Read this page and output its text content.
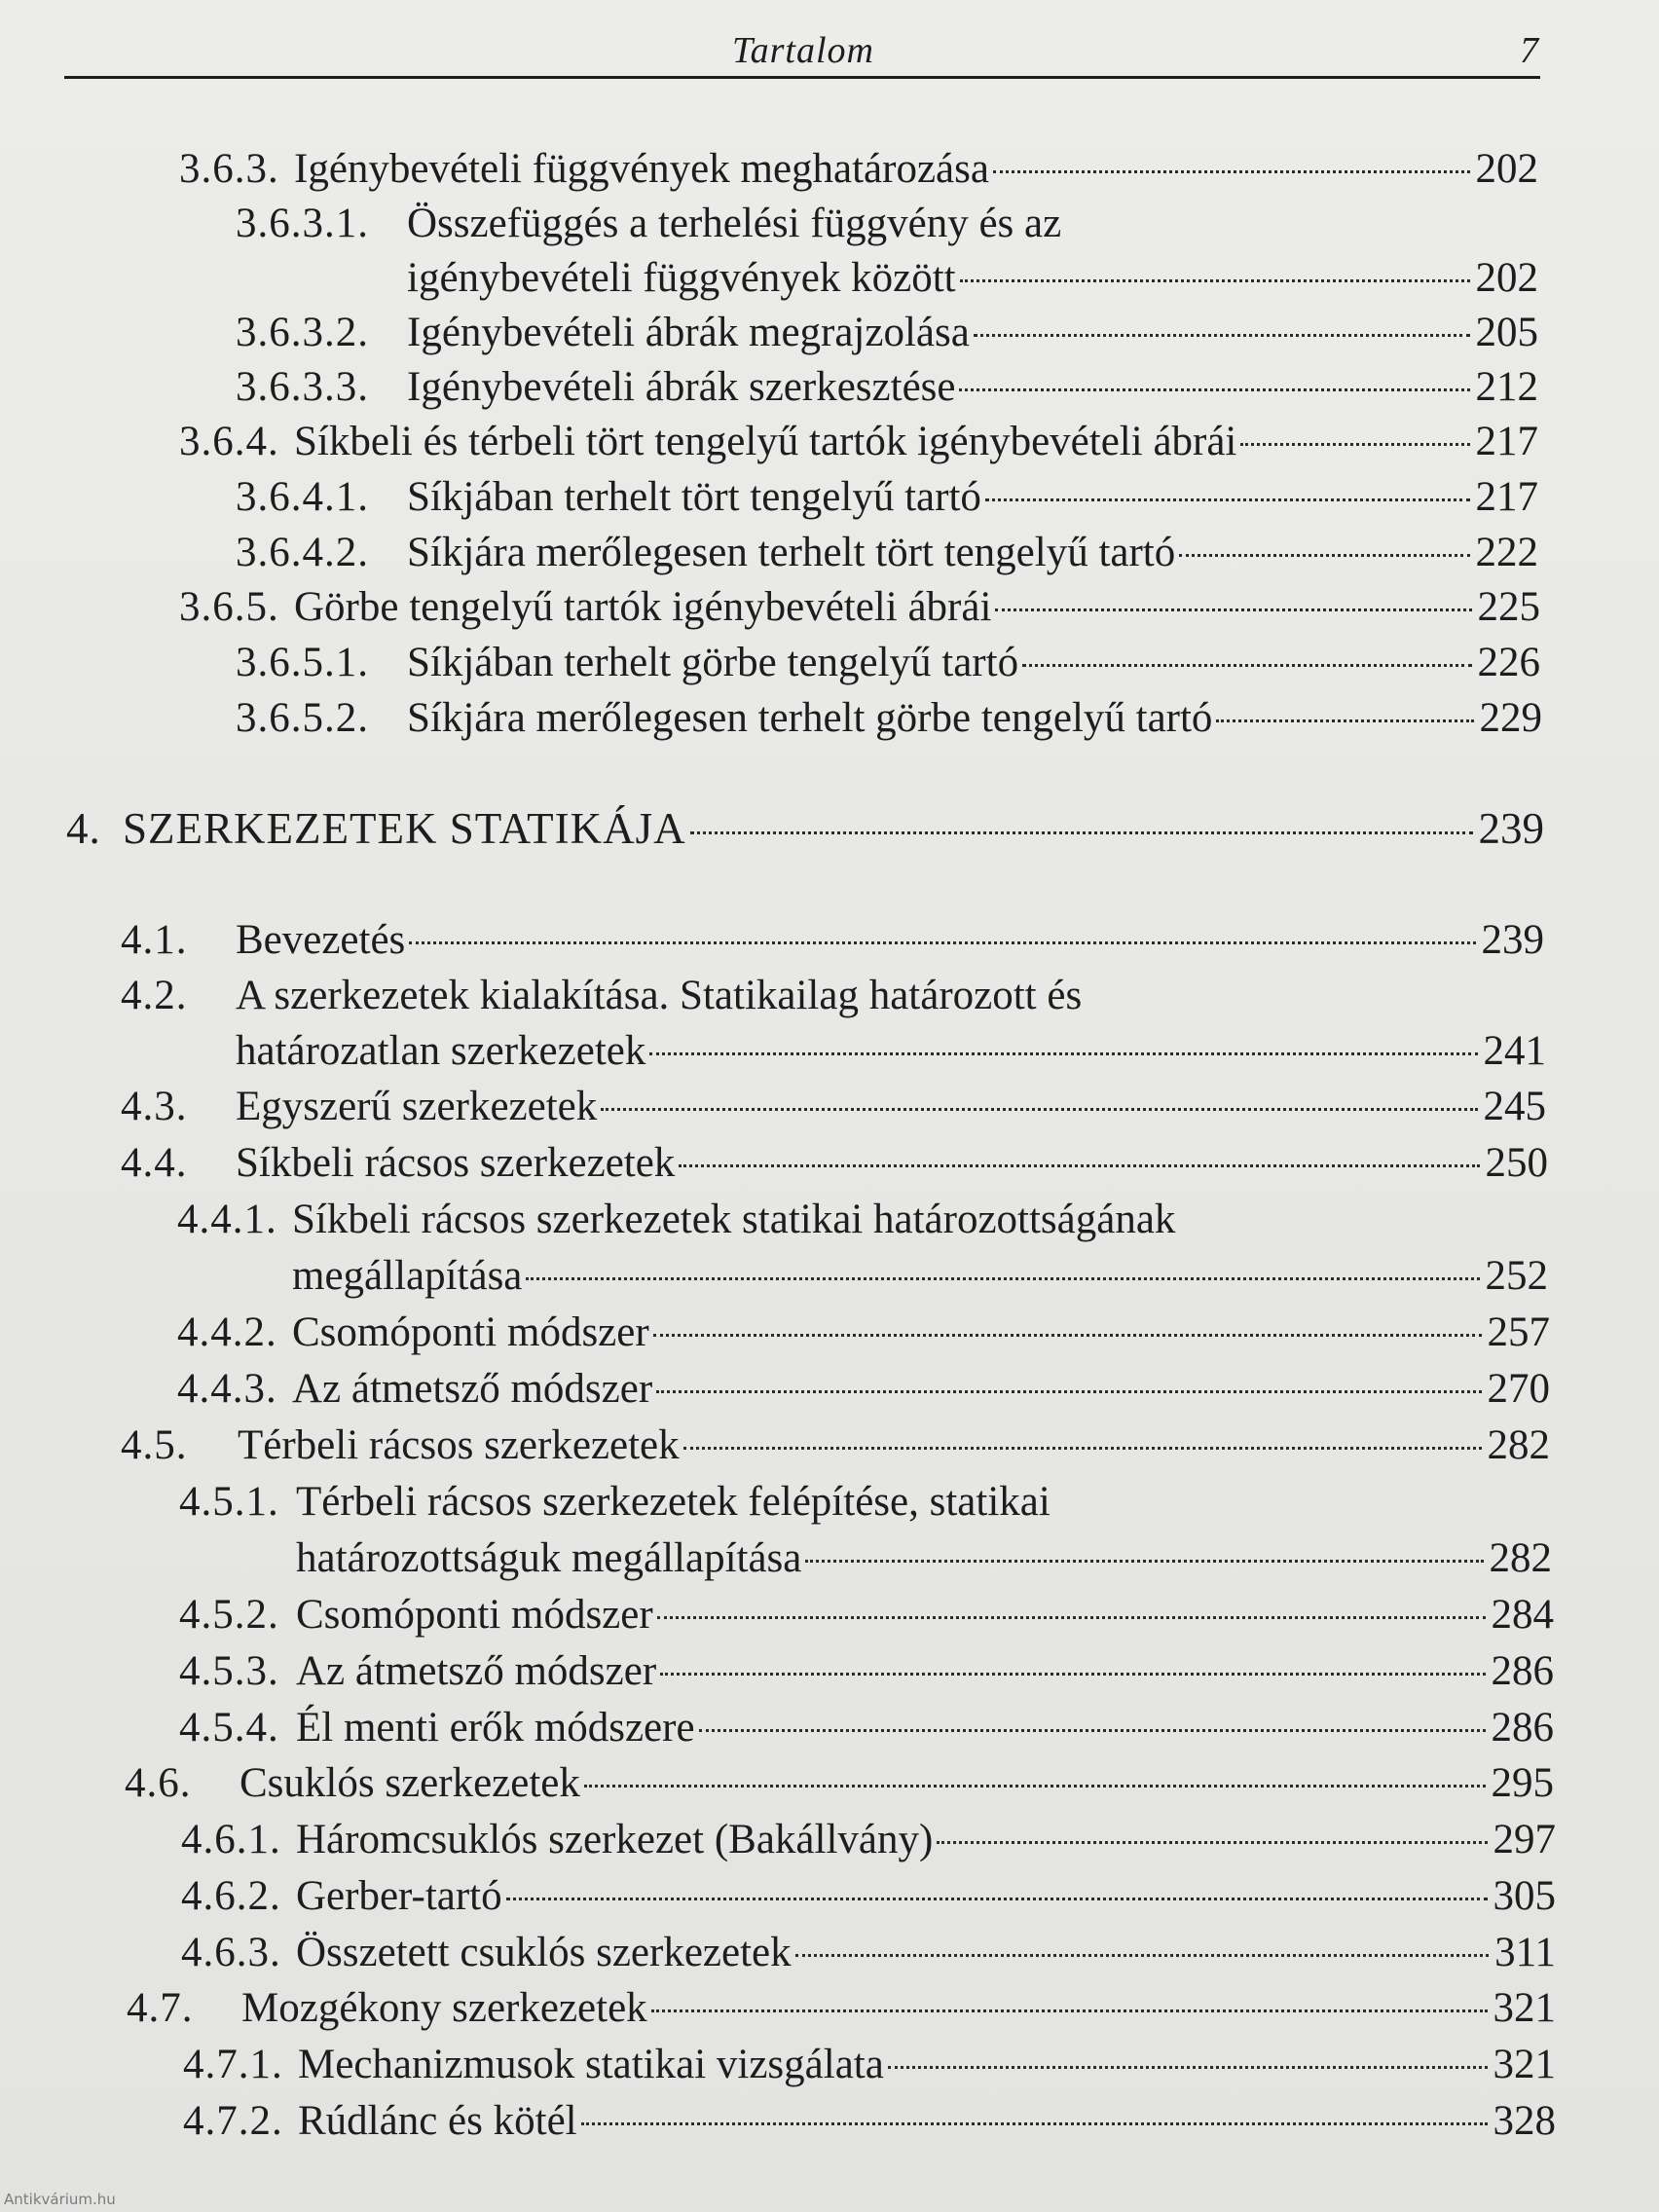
Tartalom	7
3.6.3. Igénybevételi függvények meghatározása	202
3.6.3.1. Összefüggés a terhelési függvény és az
igénybevételi függvények között	202
3.6.3.2. Igénybevételi ábrák megrajzolása	205
3.6.3.3. Igénybevételi ábrák szerkesztése	212
3.6.4. Síkbeli és térbeli tört tengelyű tartók igénybevételi ábrái	217
3.6.4.1. Síkjában terhelt tört tengelyű tartó	217
3.6.4.2. Síkjára merőlegesen terhelt tört tengelyű tartó	222
3.6.5. Görbe tengelyű tartók igénybevételi ábrái	225
3.6.5.1. Síkjában terhelt görbe tengelyű tartó	226
3.6.5.2. Síkjára merőlegesen terhelt görbe tengelyű tartó	229
4. SZERKEZETEK STATIKÁJA	239
4.1.	Bevezetés	239
4.2.	A szerkezetek kialakítása. Statikailag határozott és
határozatlan szerkezetek	241
4.3.	Egyszerű szerkezetek	245
4.4.	Síkbeli rácsos szerkezetek	250
4.4.1. Síkbeli rácsos szerkezetek statikai határozottságának
megállapítása	252
4.4.2. Csomóponti módszer	257
4.4.3. Az átmetsző módszer	270
4.5.	Térbeli rácsos szerkezetek	282
4.5.1. Térbeli rácsos szerkezetek felépítése, statikai
határozottságuk megállapítása	282
4.5.2. Csomóponti módszer	284
4.5.3. Az átmetsző módszer	286
4.5.4. Él menti erők módszere	286
4.6.	Csuklós szerkezetek	295
4.6.1. Háromcsuklós szerkezet (Bakállvány)	297
4.6.2. Gerber-tartó	305
4.6.3. Összetett csuklós szerkezetek	311
4.7.	Mozgékony szerkezetek	321
4.7.1. Mechanizmusok statikai vizsgálata	321
4.7.2. Rúdlánc és kötél	328
Antikvárium.hu
